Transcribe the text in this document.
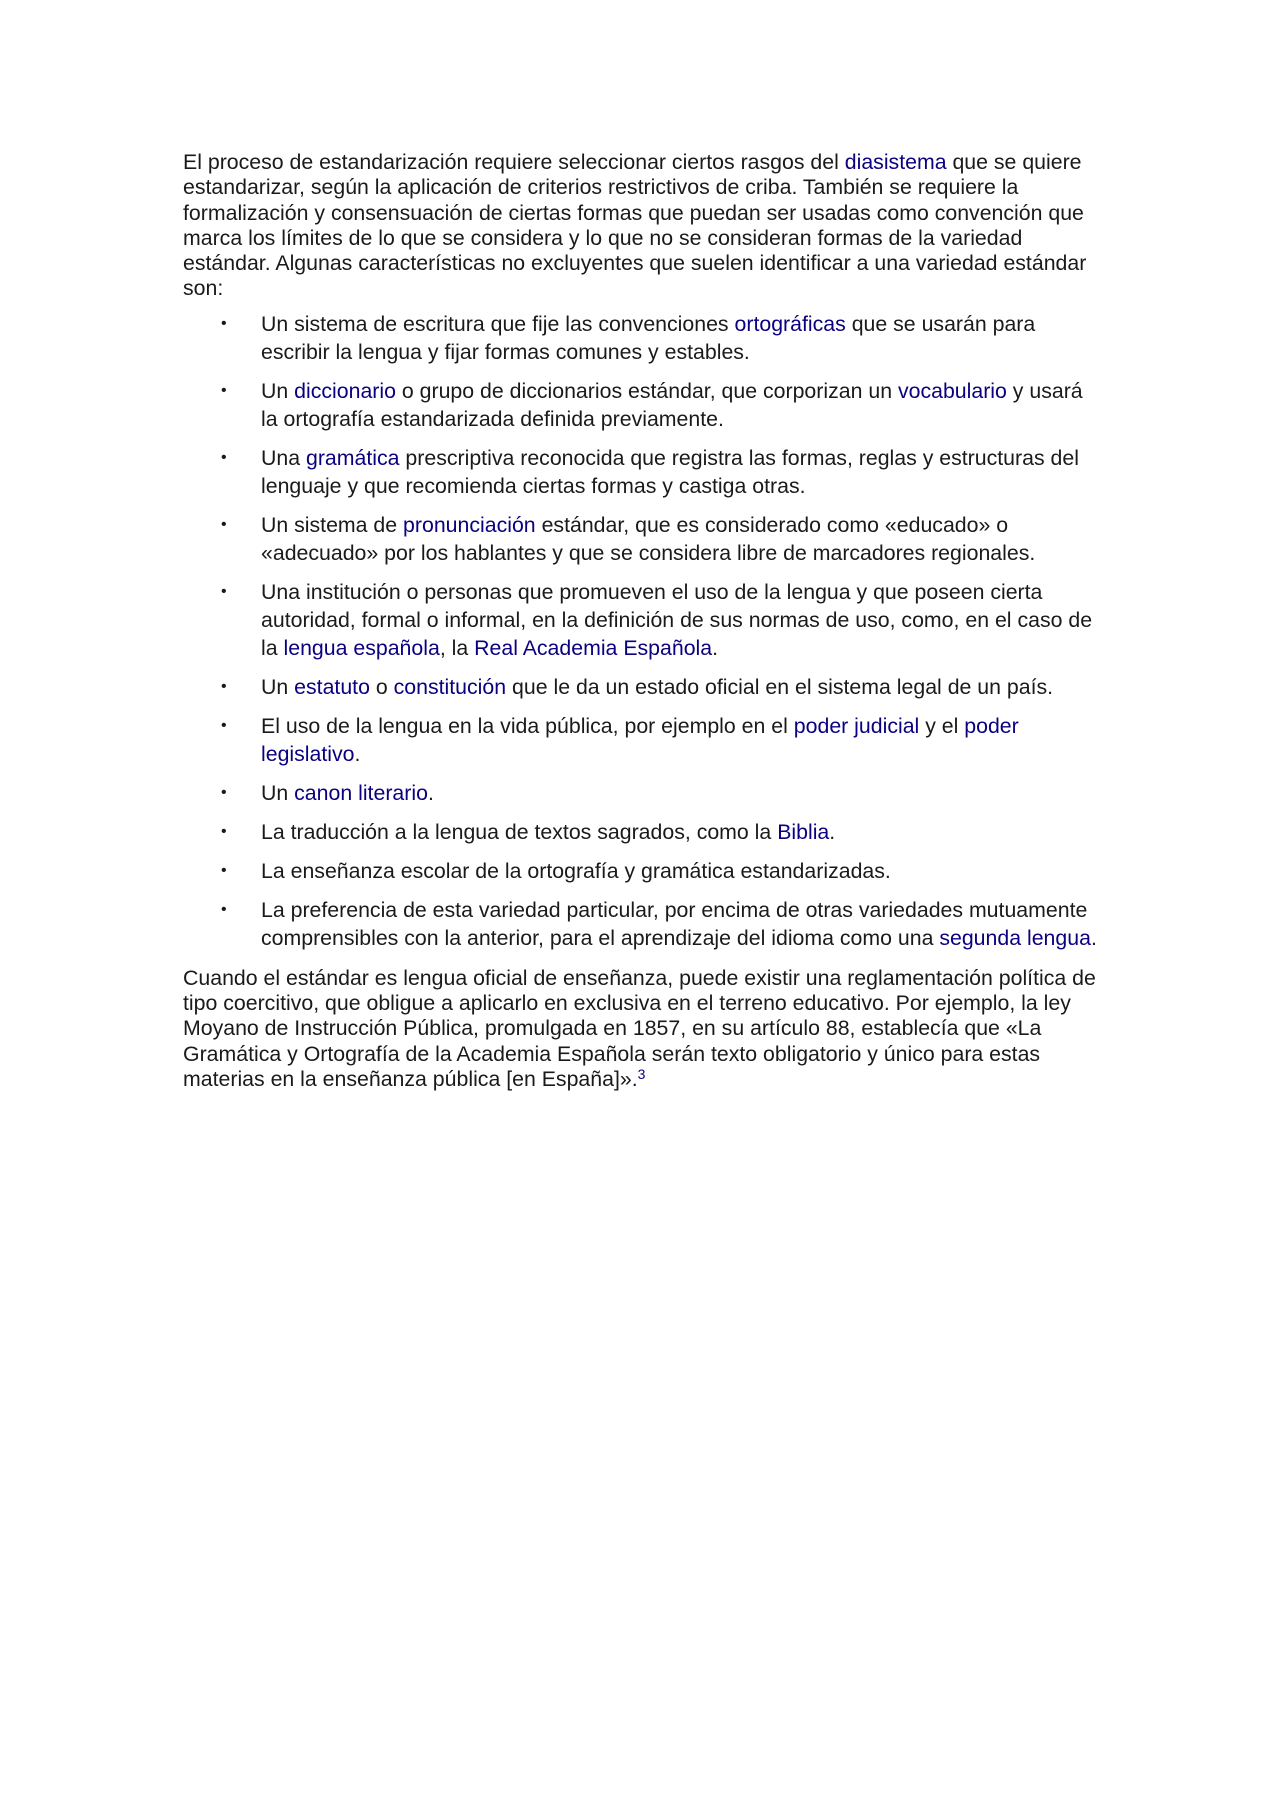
El proceso de estandarización requiere seleccionar ciertos rasgos del diasistema que se quiere estandarizar, según la aplicación de criterios restrictivos de criba. También se requiere la formalización y consensuación de ciertas formas que puedan ser usadas como convención que marca los límites de lo que se considera y lo que no se consideran formas de la variedad estándar. Algunas características no excluyentes que suelen identificar a una variedad estándar son:

• Un sistema de escritura que fije las convenciones ortográficas que se usarán para escribir la lengua y fijar formas comunes y estables.
• Un diccionario o grupo de diccionarios estándar, que corporizan un vocabulario y usará la ortografía estandarizada definida previamente.
• Una gramática prescriptiva reconocida que registra las formas, reglas y estructuras del lenguaje y que recomienda ciertas formas y castiga otras.
• Un sistema de pronunciación estándar, que es considerado como «educado» o «adecuado» por los hablantes y que se considera libre de marcadores regionales.
• Una institución o personas que promueven el uso de la lengua y que poseen cierta autoridad, formal o informal, en la definición de sus normas de uso, como, en el caso de la lengua española, la Real Academia Española.
• Un estatuto o constitución que le da un estado oficial en el sistema legal de un país.
• El uso de la lengua en la vida pública, por ejemplo en el poder judicial y el poder legislativo.
• Un canon literario.
• La traducción a la lengua de textos sagrados, como la Biblia.
• La enseñanza escolar de la ortografía y gramática estandarizadas.
• La preferencia de esta variedad particular, por encima de otras variedades mutuamente comprensibles con la anterior, para el aprendizaje del idioma como una segunda lengua.

Cuando el estándar es lengua oficial de enseñanza, puede existir una reglamentación política de tipo coercitivo, que obligue a aplicarlo en exclusiva en el terreno educativo. Por ejemplo, la ley Moyano de Instrucción Pública, promulgada en 1857, en su artículo 88, establecía que «La Gramática y Ortografía de la Academia Española serán texto obligatorio y único para estas materias en la enseñanza pública [en España]».$^3$
